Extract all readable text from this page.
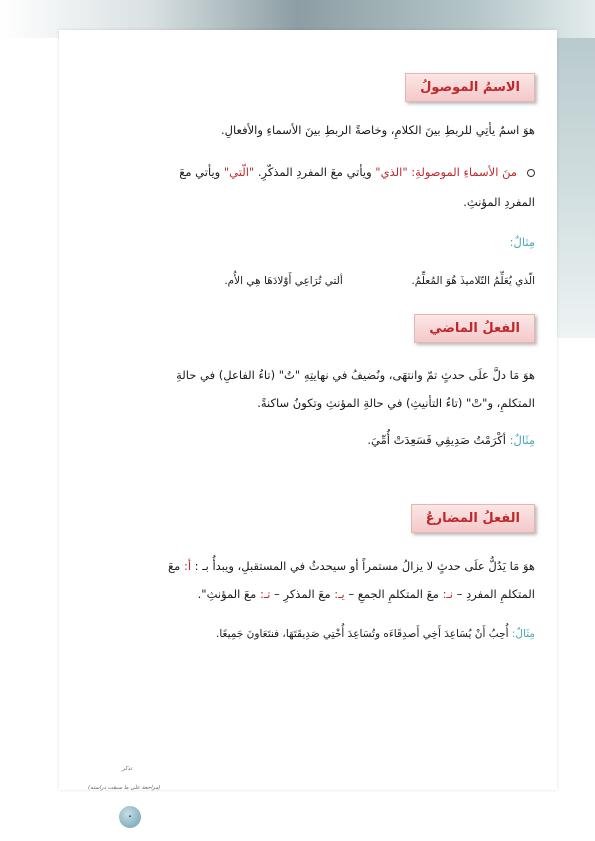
الاسمُ الموصولُ
هوَ اسمٌ يأتِي للربطِ بينَ الكلامِ، وخاصةً الربطِ بينَ الأسماءِ والأفعالِ.
منَ الأسماءِ الموصولةِ: "الذي" ويأتي معَ المفردِ المذكّرِ. "الّتي" ويأتي معَ
المفردِ المؤنثِ.
مِثالٌ:
الّذي يُعَلِّمُ التّلاميذَ هُوَ المُعلِّمُ.  ألتي تُرَاعِي أَوْلادَهَا هِي الأُم.
الفعلُ الماضي
هوَ مَا دلَّ علَى حدثٍ تمّ وانتهَى، ونُضيفُ في نهايتِهِ "تُ" (تاءُ الفاعلِ) في حالةِ
المتكلمِ، و"تْ" (تاءُ التأنيثِ) في حالةِ المؤنثِ وتكونُ ساكنةً.
مِثَالٌ: أكْرَمْتُ صَدِيقِي فَسَعِدَتْ أُمِّيَ.
الفعلُ المضارعُ
هوَ مَا يَدُلُّ علَى حدثٍ لا يزالُ مستمراً أو سيحدثُ في المستقبلِ، ويبدأُ بـ : أ: معَ
المتكلمِ المفردِ – نـ: معَ المتكلمِ الجمعِ – يـ: معَ المذكرِ – تـ: معَ المؤنثِ".
مِثَالٌ: أُحِبُ أَنْ يُسَاعِدَ أَخِي أَصدِقَاءَه وتُسَاعِدَ أُخْتِي صَدِيقَتَهَا، فنتَعَاونَ جَمِيعًا.
تذكر
(مراجعة على ما سبقت دراسته)
٠
